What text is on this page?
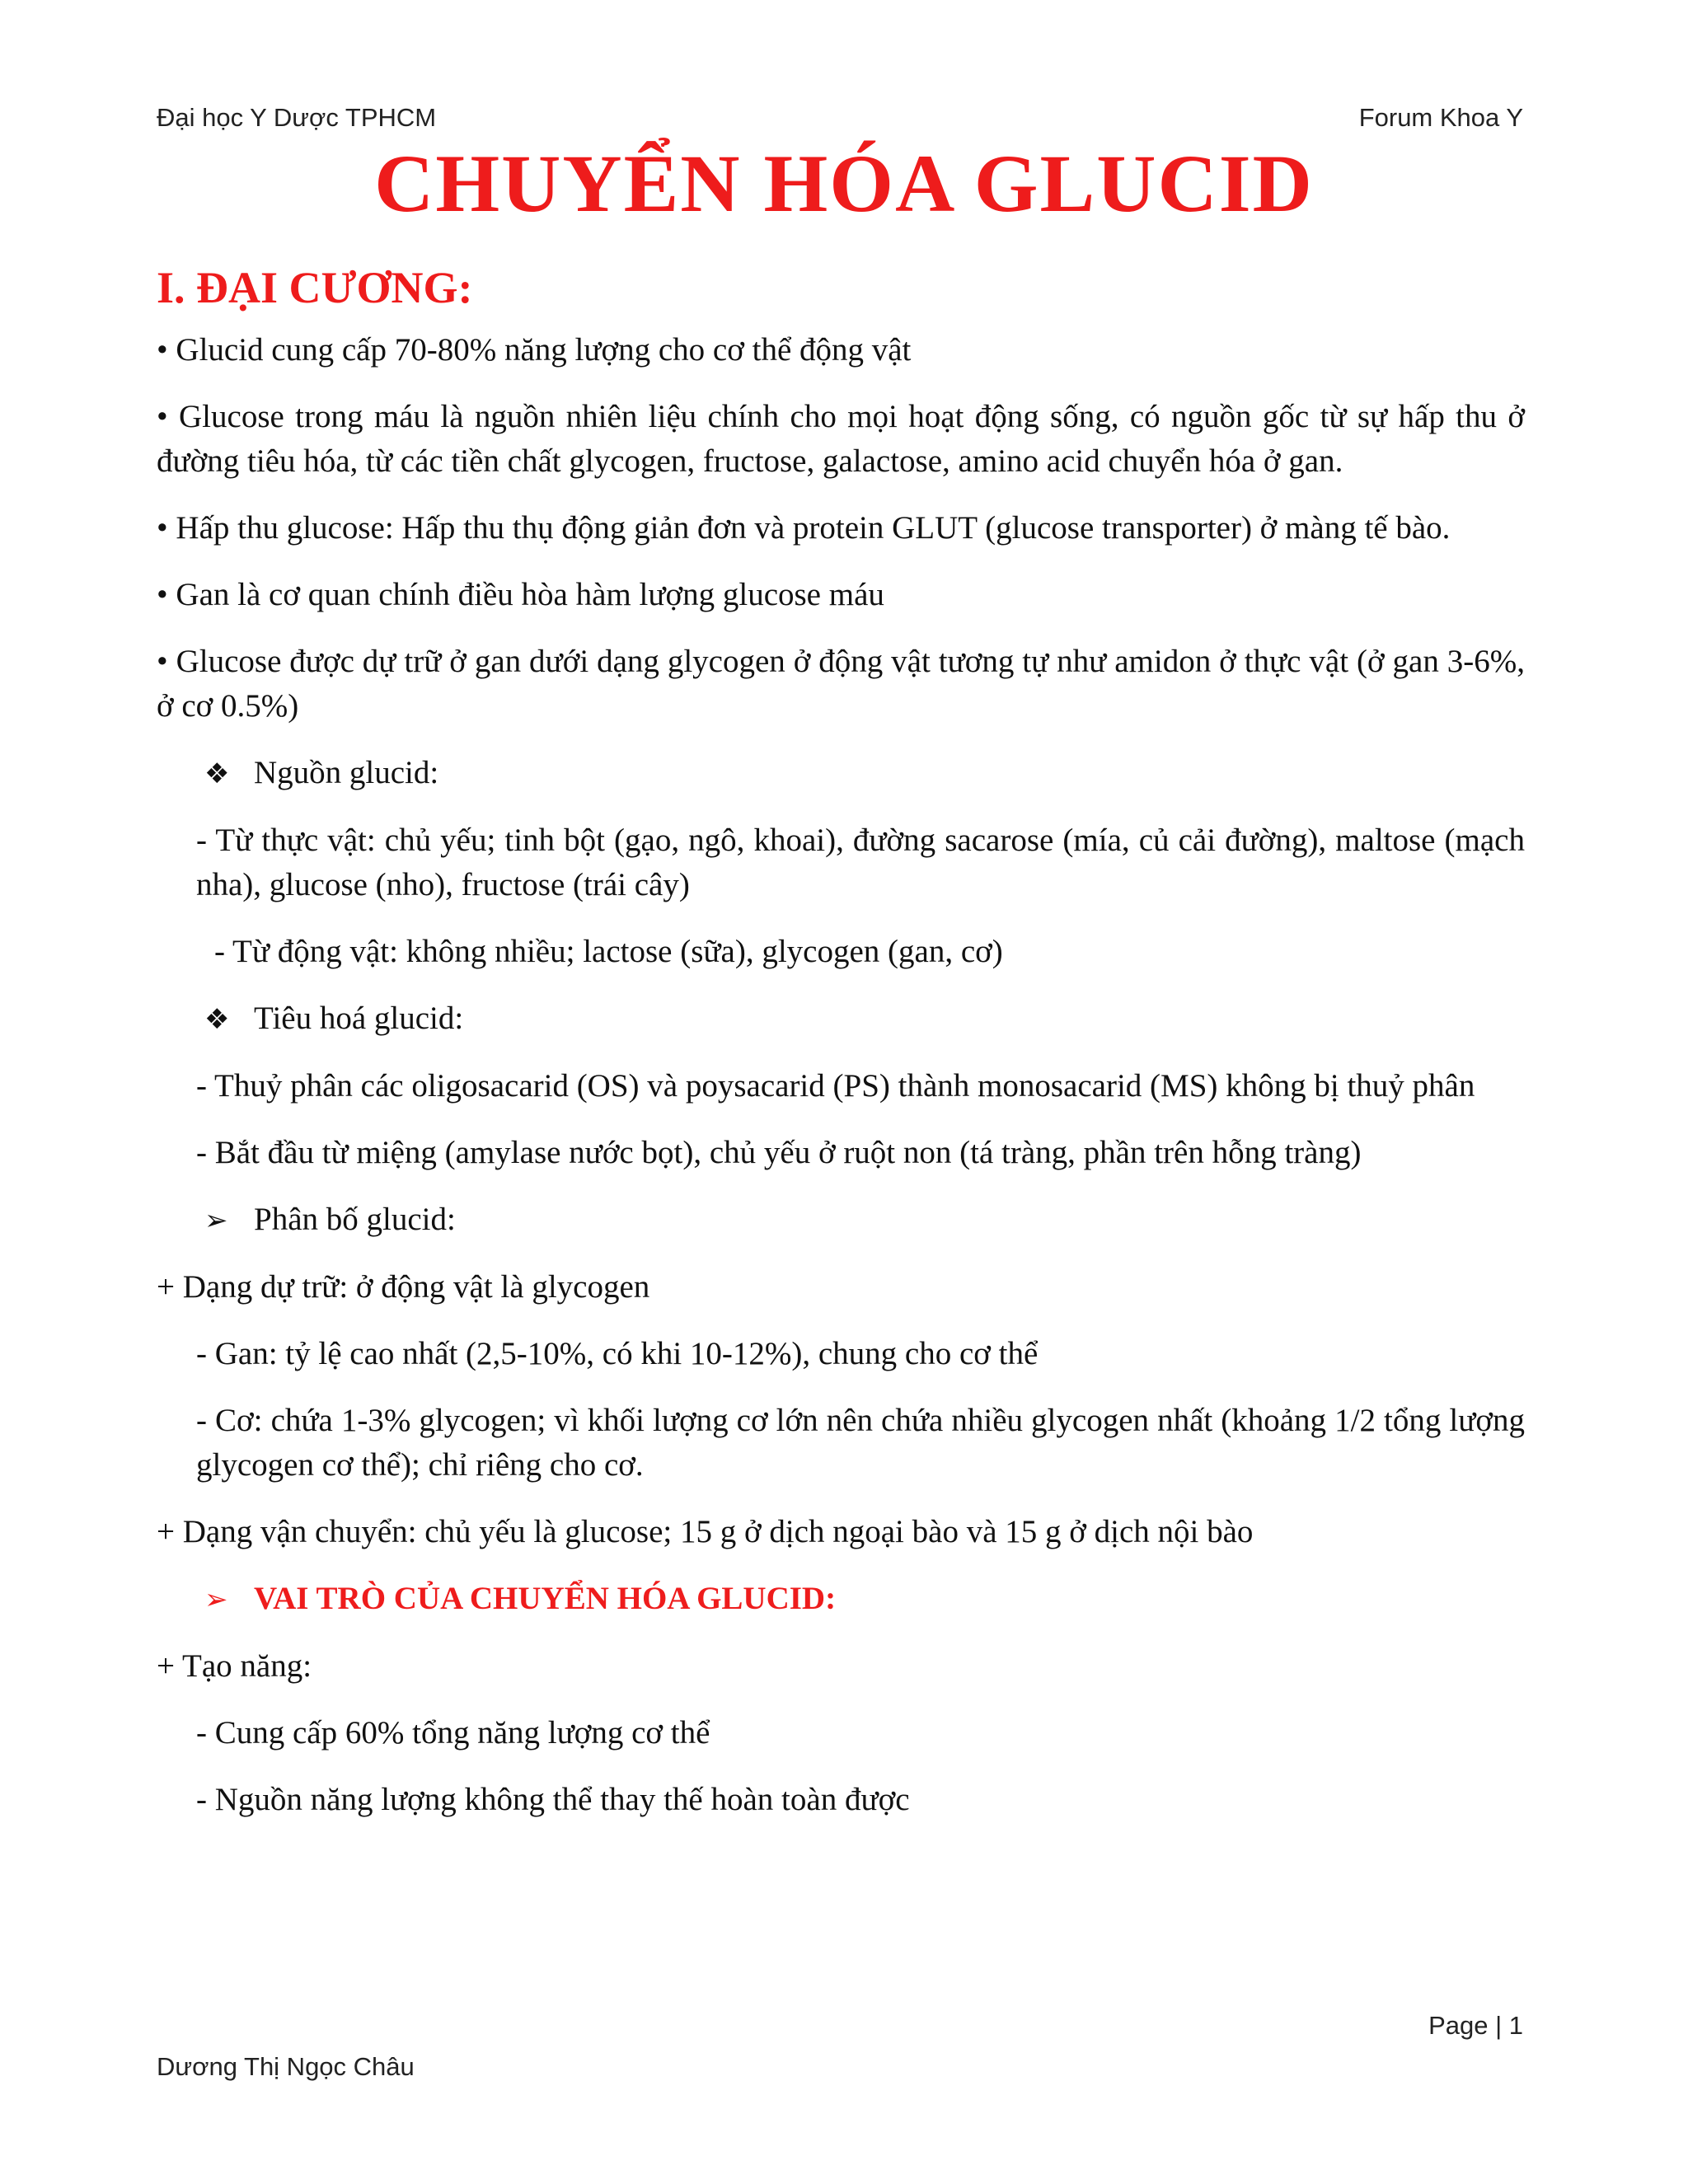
Đại học Y Dược TPHCM	Forum Khoa Y
CHUYỂN HÓA GLUCID
I. ĐẠI CƯƠNG:

• Glucid cung cấp 70-80% năng lượng cho cơ thể động vật

• Glucose trong máu là nguồn nhiên liệu chính cho mọi hoạt động sống, có nguồn gốc từ sự hấp thu ở đường tiêu hóa, từ các tiền chất glycogen, fructose, galactose, amino acid chuyển hóa ở gan.

• Hấp thu glucose: Hấp thu thụ động giản đơn và protein GLUT (glucose transporter) ở màng tế bào.

• Gan là cơ quan chính điều hòa hàm lượng glucose máu

• Glucose được dự trữ ở gan dưới dạng glycogen ở động vật tương tự như amidon ở thực vật (ở gan 3-6%, ở cơ 0.5%)

❖ Nguồn glucid:

- Từ thực vật: chủ yếu; tinh bột (gạo, ngô, khoai), đường sacarose (mía, củ cải đường), maltose (mạch nha), glucose (nho), fructose (trái cây)

- Từ động vật: không nhiều; lactose (sữa), glycogen (gan, cơ)

❖ Tiêu hoá glucid:

- Thuỷ phân các oligosacarid (OS) và poysacarid (PS) thành monosacarid (MS) không bị thuỷ phân

- Bắt đầu từ miệng (amylase nước bọt), chủ yếu ở ruột non (tá tràng, phần trên hỗng tràng)

➢ Phân bố glucid:

+ Dạng dự trữ: ở động vật là glycogen

- Gan: tỷ lệ cao nhất (2,5-10%, có khi 10-12%), chung cho cơ thể

- Cơ: chứa 1-3% glycogen; vì khối lượng cơ lớn nên chứa nhiều glycogen nhất (khoảng 1/2 tổng lượng glycogen cơ thể); chỉ riêng cho cơ.

+ Dạng vận chuyển: chủ yếu là glucose; 15 g ở dịch ngoại bào và 15 g ở dịch nội bào

➢ VAI TRÒ CỦA CHUYỂN HÓA GLUCID:

+ Tạo năng:

- Cung cấp 60% tổng năng lượng cơ thể

- Nguồn năng lượng không thể thay thế hoàn toàn được

Page | 1
Dương Thị Ngọc Châu
